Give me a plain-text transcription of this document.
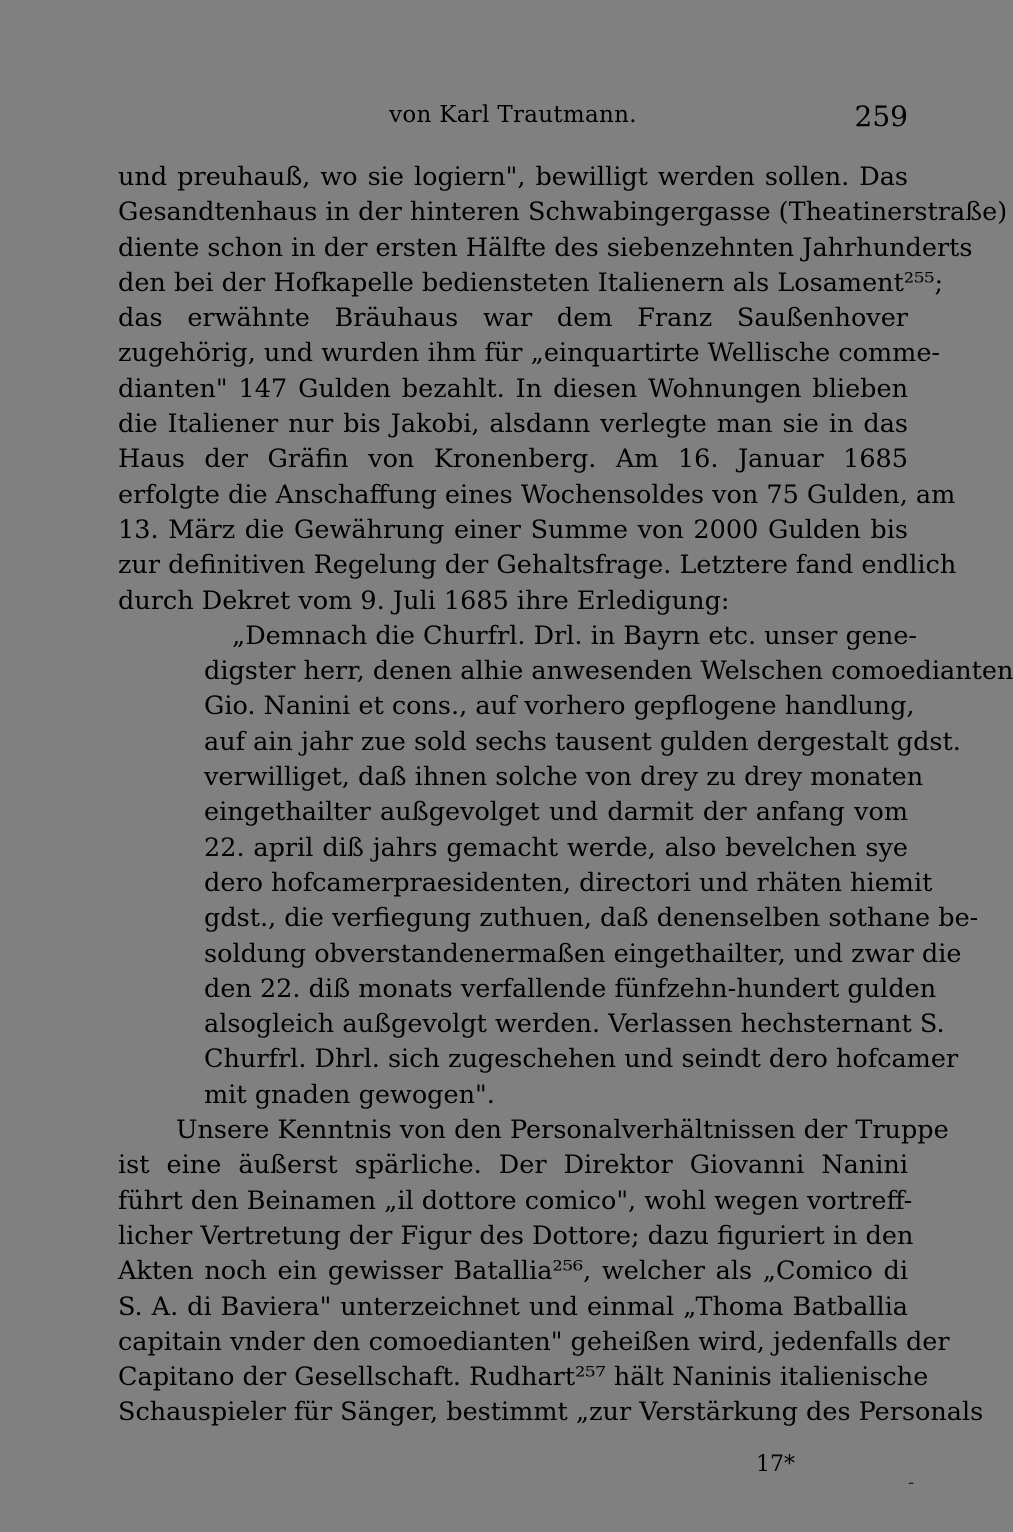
von Karl Trautmann.	259
und preuhauß, wo sie logiern", bewilligt werden sollen. Das
Gesandtenhaus in der hinteren Schwabingergasse (Theatinerstraße)
diente schon in der ersten Hälfte des siebenzehnten Jahrhunderts
den bei der Hofkapelle bediensteten Italienern als Losament²⁵⁵;
das erwähnte Bräuhaus war dem Franz Saußenhover
zugehörig, und wurden ihm für „einquartirte Wellische comme-
dianten" 147 Gulden bezahlt. In diesen Wohnungen blieben
die Italiener nur bis Jakobi, alsdann verlegte man sie in das
Haus der Gräfin von Kronenberg. Am 16. Januar 1685
erfolgte die Anschaffung eines Wochensoldes von 75 Gulden, am
13. März die Gewährung einer Summe von 2000 Gulden bis
zur definitiven Regelung der Gehaltsfrage. Letztere fand endlich
durch Dekret vom 9. Juli 1685 ihre Erledigung:
„Demnach die Churfrl. Drl. in Bayrn etc. unser gene-
digster herr, denen alhie anwesenden Welschen comoedianten
Gio. Nanini et cons., auf vorhero gepflogene handlung,
auf ain jahr zue sold sechs tausent gulden dergestalt gdst.
verwilliget, daß ihnen solche von drey zu drey monaten
eingethailter außgevolget und darmit der anfang vom
22. april diß jahrs gemacht werde, also bevelchen sye
dero hofcamerpraesidenten, directori und rhäten hiemit
gdst., die verfiegung zuthuen, daß denenselben sothane be-
soldung obverstandenermaßen eingethailter, und zwar die
den 22. diß monats verfallende fünfzehn-hundert gulden
alsogleich außgevolgt werden. Verlassen hechsternant S.
Churfrl. Dhrl. sich zugeschehen und seindt dero hofcamer
mit gnaden gewogen".
Unsere Kenntnis von den Personalverhältnissen der Truppe
ist eine äußerst spärliche. Der Direktor Giovanni Nanini
führt den Beinamen „il dottore comico", wohl wegen vortreff-
licher Vertretung der Figur des Dottore; dazu figuriert in den
Akten noch ein gewisser Batallia²⁵⁶, welcher als „Comico di
S. A. di Baviera" unterzeichnet und einmal „Thoma Batballia
capitain vnder den comoedianten" geheißen wird, jedenfalls der
Capitano der Gesellschaft. Rudhart²⁵⁷ hält Naninis italienische
Schauspieler für Sänger, bestimmt „zur Verstärkung des Personals
17*
-
